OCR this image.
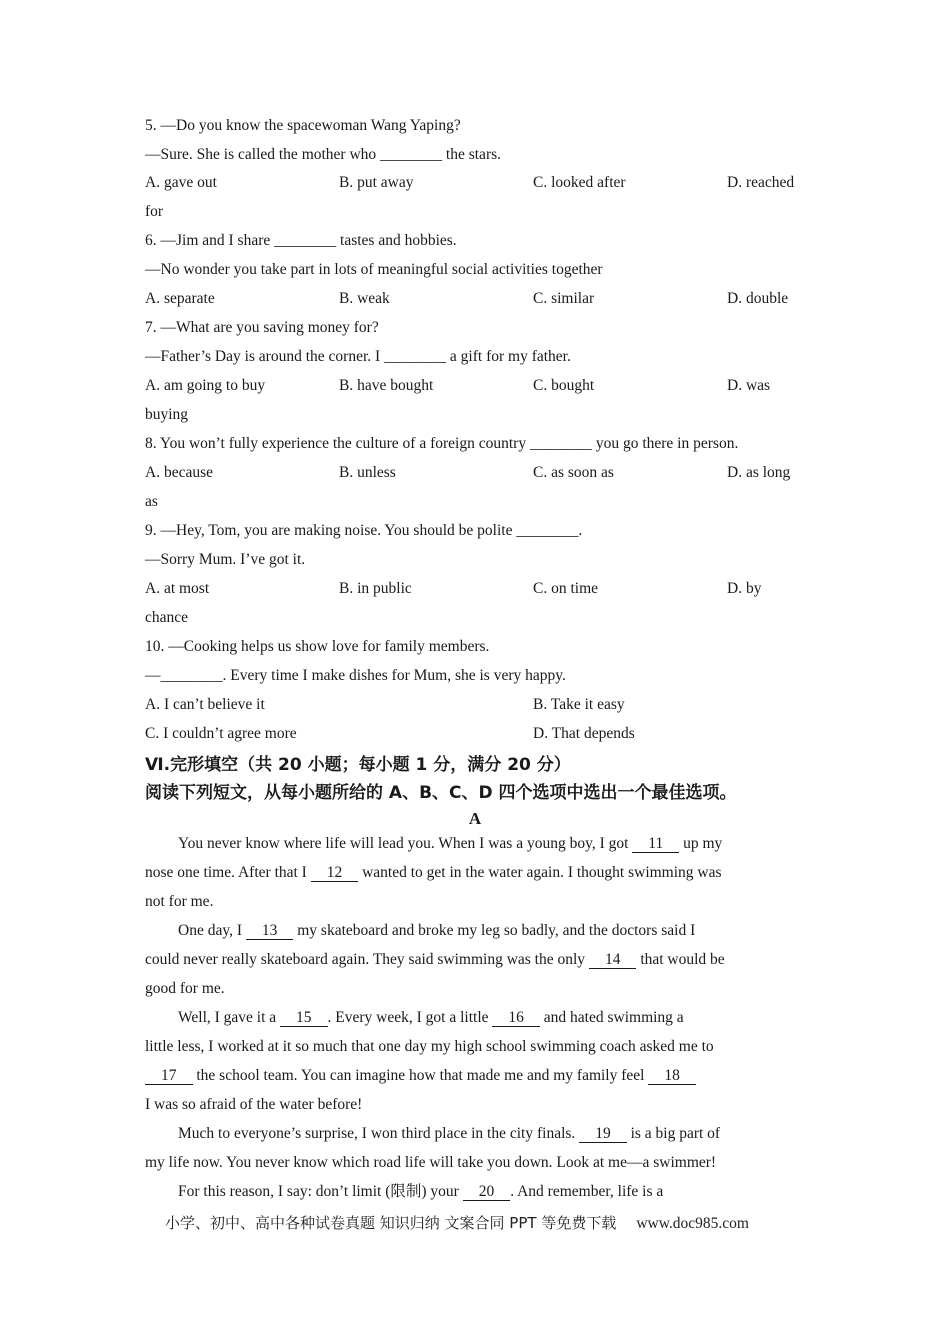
5. —Do you know the spacewoman Wang Yaping?
—Sure. She is called the mother who ________ the stars.
A. gave out	B. put away	C. looked after	D. reached
for
6. —Jim and I share ________ tastes and hobbies.
—No wonder you take part in lots of meaningful social activities together
A. separate	B. weak	C. similar	D. double
7. —What are you saving money for?
—Father’s Day is around the corner. I ________ a gift for my father.
A. am going to buy	B. have bought	C. bought	D. was
buying
8. You won’t fully experience the culture of a foreign country ________ you go there in person.
A. because	B. unless	C. as soon as	D. as long
as
9. —Hey, Tom, you are making noise. You should be polite ________.
—Sorry Mum. I’ve got it.
A. at most	B. in public	C. on time	D. by
chance
10. —Cooking helps us show love for family members.
—________. Every time I make dishes for Mum, she is very happy.
A. I can’t believe it	B. Take it easy
C. I couldn’t agree more	D. That depends
Ⅵ.完形填空（共 20 小题；每小题 1 分，满分 20 分）
阅读下列短文，从每小题所给的 A、B、C、D 四个选项中选出一个最佳选项。
A
You never know where life will lead you. When I was a young boy, I got 11 up my
nose one time. After that I 12 wanted to get in the water again. I thought swimming was
not for me.
One day, I 13 my skateboard and broke my leg so badly, and the doctors said I
could never really skateboard again. They said swimming was the only 14 that would be
good for me.
Well, I gave it a 15 . Every week, I got a little 16 and hated swimming a
little less, I worked at it so much that one day my high school swimming coach asked me to
17 the school team. You can imagine how that made me and my family feel 18
I was so afraid of the water before!
Much to everyone’s surprise, I won third place in the city finals. 19 is a big part of
my life now. You never know which road life will take you down. Look at me—a swimmer!
For this reason, I say: don’t limit (限制) your 20 . And remember, life is a
小学、初中、高中各种试卷真题 知识归纳 文案合同 PPT 等免费下载 www.doc985.com
